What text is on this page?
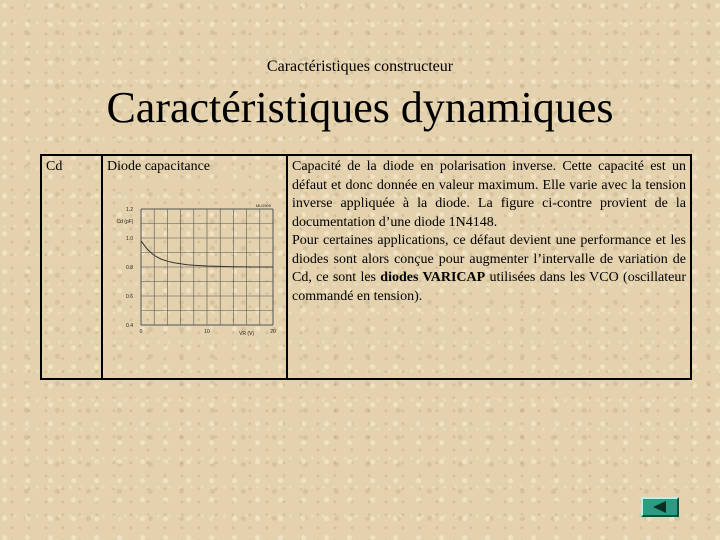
Caractéristiques constructeur
Caractéristiques dynamiques
Cd	Diode capacitance
1.2
1.0
0.8
0.6
0.4
0	10	20
Cd (pF)
VR (V)
MLD509
	Capacité de la diode en polarisation inverse. Cette capacité est un défaut et donc donnée en valeur maximum. Elle varie avec la tension inverse appliquée à la diode. La figure ci-contre provient de la documentation d’une diode 1N4148.
Pour certaines applications, ce défaut devient une performance et les diodes sont alors conçue pour augmenter l’intervalle de variation de Cd, ce sont les diodes VARICAP utilisées dans les VCO (oscillateur commandé en tension).
